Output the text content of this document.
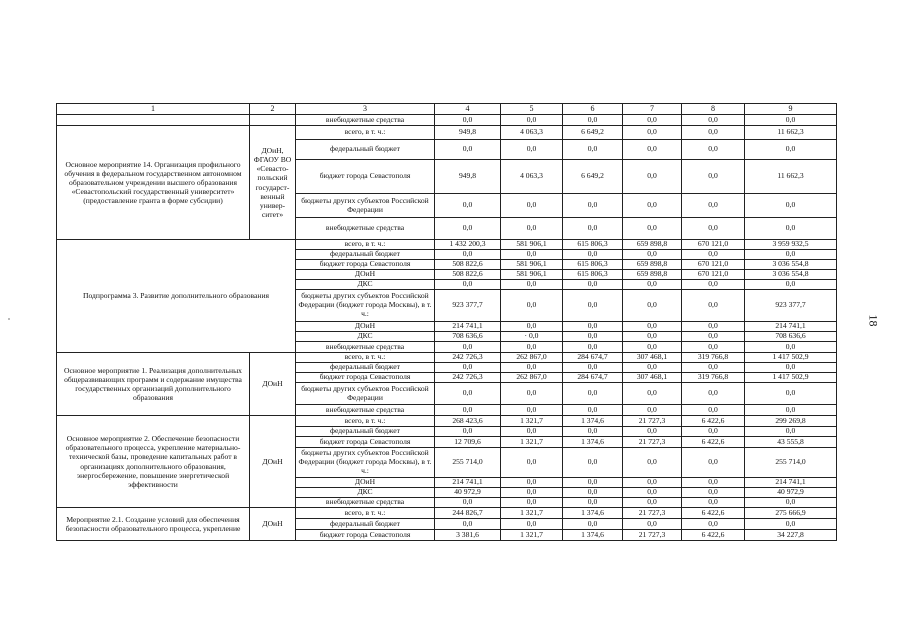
1	2	3	4	5	6	7	8	9
		внебюджетные средства	0,0	0,0	0,0	0,0	0,0	0,0
Основное мероприятие 14. Организация профильного обучения в федеральном государственном автономном образовательном учреждении высшего образования «Севастопольский государственный университет» (предоставление гранта в форме субсидии)	ДОиН, ФГАОУ ВО «Севасто-польский государст-венный универ-ситет»	всего, в т. ч.:	949,8	4 063,3	6 649,2	0,0	0,0	11 662,3
		федеральный бюджет	0,0	0,0	0,0	0,0	0,0	0,0
		бюджет города Севастополя	949,8	4 063,3	6 649,2	0,0	0,0	11 662,3
		бюджеты других субъектов Российской Федерации	0,0	0,0	0,0	0,0	0,0	0,0
		внебюджетные средства	0,0	0,0	0,0	0,0	0,0	0,0
Подпрограмма 3. Развитие дополнительного образования		всего, в т. ч.:	1 432 200,3	581 906,1	615 806,3	659 898,8	670 121,0	3 959 932,5
		федеральный бюджет	0,0	0,0	0,0	0,0	0,0	0,0
		бюджет города Севастополя	508 822,6	581 906,1	615 806,3	659 898,8	670 121,0	3 036 554,8
		ДОиН	508 822,6	581 906,1	615 806,3	659 898,8	670 121,0	3 036 554,8
		ДКС	0,0	0,0	0,0	0,0	0,0	0,0
		бюджеты других субъектов Российской Федерации (бюджет города Москвы), в т. ч.:	923 377,7	0,0	0,0	0,0	0,0	923 377,7
		ДОиН	214 741,1	0,0	0,0	0,0	0,0	214 741,1
		ДКС	708 636,6	· 0,0	0,0	0,0	0,0	708 636,6
		внебюджетные средства	0,0	0,0	0,0	0,0	0,0	0,0
Основное мероприятие 1. Реализация дополнительных общеразвивающих программ и содержание имущества государственных организаций дополнительного образования	ДОиН	всего, в т. ч.:	242 726,3	262 867,0	284 674,7	307 468,1	319 766,8	1 417 502,9
		федеральный бюджет	0,0	0,0	0,0	0,0	0,0	0,0
		бюджет города Севастополя	242 726,3	262 867,0	284 674,7	307 468,1	319 766,8	1 417 502,9
		бюджеты других субъектов Российской Федерации	0,0	0,0	0,0	0,0	0,0	0,0
		внебюджетные средства	0,0	0,0	0,0	0,0	0,0	0,0
Основное мероприятие 2. Обеспечение безопасности образовательного процесса, укрепление материально-технической базы, проведение капитальных работ в организациях дополнительного образования, энергосбережение, повышение энергетической эффективности	ДОиН	всего, в т. ч.:	268 423,6	1 321,7	1 374,6	21 727,3	6 422,6	299 269,8
		федеральный бюджет	0,0	0,0	0,0	0,0	0,0	0,0
		бюджет города Севастополя	12 709,6	1 321,7	1 374,6	21 727,3	6 422,6	43 555,8
		бюджеты других субъектов Российской Федерации (бюджет города Москвы), в т. ч.:	255 714,0	0,0	0,0	0,0	0,0	255 714,0
		ДОиН	214 741,1	0,0	0,0	0,0	0,0	214 741,1
		ДКС	40 972,9	0,0	0,0	0,0	0,0	40 972,9
		внебюджетные средства	0,0	0,0	0,0	0,0	0,0	0,0
Мероприятие 2.1. Создание условий для обеспечения безопасности образовательного процесса, укрепление	ДОиН	всего, в т. ч.:	244 826,7	1 321,7	1 374,6	21 727,3	6 422,6	275 666,9
		федеральный бюджет	0,0	0,0	0,0	0,0	0,0	0,0
		бюджет города Севастополя	3 381,6	1 321,7	1 374,6	21 727,3	6 422,6	34 227,8
18
